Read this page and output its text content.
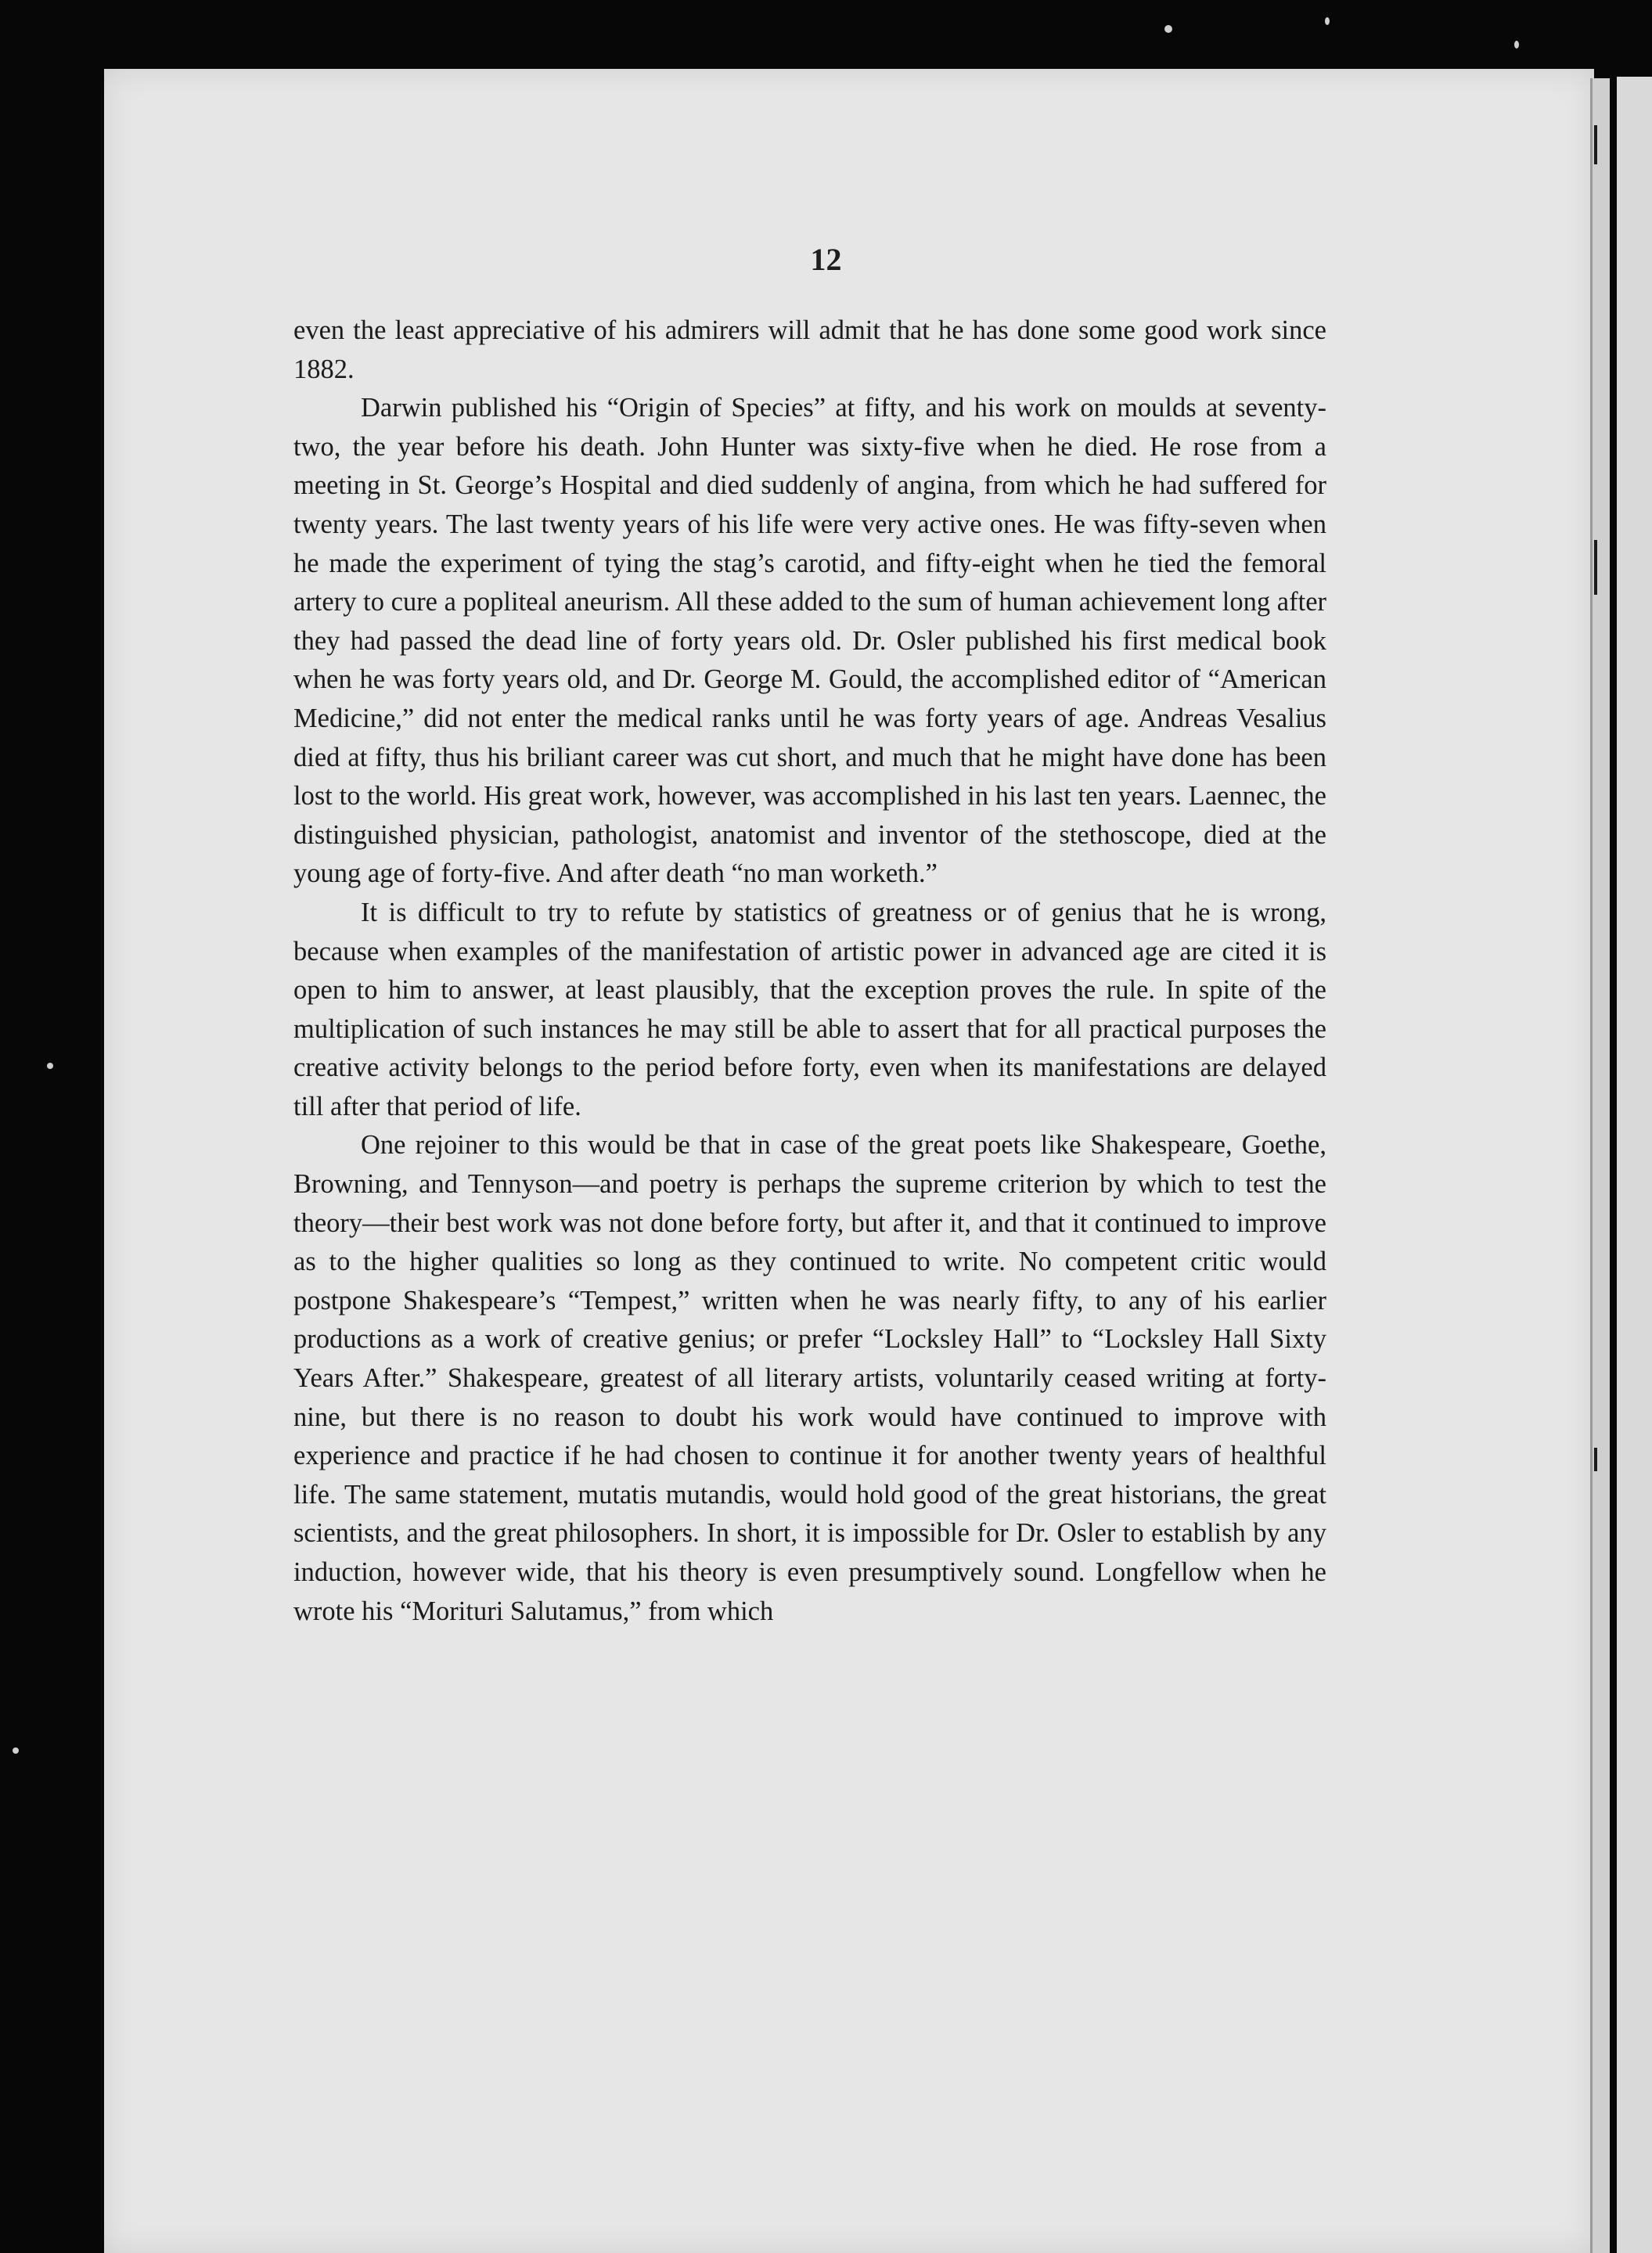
12

even the least appreciative of his admirers will admit that he has done some good work since 1882.

Darwin published his “Origin of Species” at fifty, and his work on moulds at seventy-two, the year before his death. John Hunter was sixty-five when he died. He rose from a meeting in St. George’s Hospital and died suddenly of angina, from which he had suffered for twenty years. The last twenty years of his life were very active ones. He was fifty-seven when he made the experiment of tying the stag’s carotid, and fifty-eight when he tied the femoral artery to cure a popliteal aneurism. All these added to the sum of human achievement long after they had passed the dead line of forty years old. Dr. Osler published his first medical book when he was forty years old, and Dr. George M. Gould, the accomplished editor of “American Medicine,” did not enter the medical ranks until he was forty years of age. Andreas Vesalius died at fifty, thus his briliant career was cut short, and much that he might have done has been lost to the world. His great work, however, was accomplished in his last ten years. Laennec, the distinguished physician, pathologist, anatomist and inventor of the stethoscope, died at the young age of forty-five. And after death “no man worketh.”

It is difficult to try to refute by statistics of greatness or of genius that he is wrong, because when examples of the manifestation of artistic power in advanced age are cited it is open to him to answer, at least plausibly, that the exception proves the rule. In spite of the multiplication of such instances he may still be able to assert that for all practical purposes the creative activity belongs to the period before forty, even when its manifestations are delayed till after that period of life.

One rejoiner to this would be that in case of the great poets like Shakespeare, Goethe, Browning, and Tennyson—and poetry is perhaps the supreme criterion by which to test the theory—their best work was not done before forty, but after it, and that it continued to improve as to the higher qualities so long as they continued to write. No competent critic would postpone Shakespeare’s “Tempest,” written when he was nearly fifty, to any of his earlier productions as a work of creative genius; or prefer “Locksley Hall” to “Locksley Hall Sixty Years After.” Shakespeare, greatest of all literary artists, voluntarily ceased writing at forty-nine, but there is no reason to doubt his work would have continued to improve with experience and practice if he had chosen to continue it for another twenty years of healthful life. The same statement, mutatis mutandis, would hold good of the great historians, the great scientists, and the great philosophers. In short, it is impossible for Dr. Osler to establish by any induction, however wide, that his theory is even presumptively sound. Longfellow when he wrote his “Morituri Salutamus,” from which
